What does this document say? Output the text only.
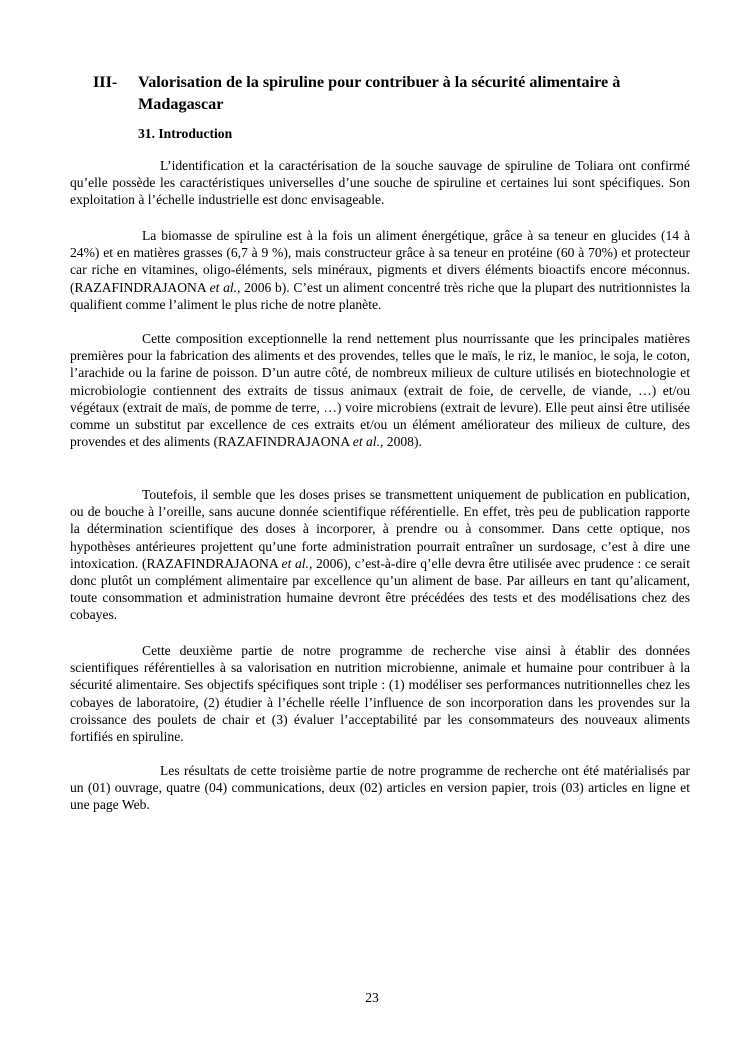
III- Valorisation de la spiruline pour contribuer à la sécurité alimentaire à Madagascar
31. Introduction

L’identification et la caractérisation de la souche sauvage de spiruline de Toliara ont confirmé qu’elle possède les caractéristiques universelles d’une souche de spiruline et certaines lui sont spécifiques. Son exploitation à l’échelle industrielle est donc envisageable.

La biomasse de spiruline est à la fois un aliment énergétique, grâce à sa teneur en glucides (14 à 24%) et en matières grasses (6,7 à 9 %), mais constructeur grâce à sa teneur en protéine (60 à 70%) et protecteur car riche en vitamines, oligo-éléments, sels minéraux, pigments et divers éléments bioactifs encore méconnus. (RAZAFINDRAJAONA et al., 2006 b). C’est un aliment concentré très riche que la plupart des nutritionnistes la qualifient comme l’aliment le plus riche de notre planète.

Cette composition exceptionnelle la rend nettement plus nourrissante que les principales matières premières pour la fabrication des aliments et des provendes, telles que le maïs, le riz, le manioc, le soja, le coton, l’arachide ou la farine de poisson. D’un autre côté, de nombreux milieux de culture utilisés en biotechnologie et microbiologie contiennent des extraits de tissus animaux (extrait de foie, de cervelle, de viande, …) et/ou végétaux (extrait de maïs, de pomme de terre, …) voire microbiens (extrait de levure). Elle peut ainsi être utilisée comme un substitut par excellence de ces extraits et/ou un élément améliorateur des milieux de culture, des provendes et des aliments (RAZAFINDRAJAONA et al., 2008).

Toutefois, il semble que les doses prises se transmettent uniquement de publication en publication, ou de bouche à l’oreille, sans aucune donnée scientifique référentielle. En effet, très peu de publication rapporte la détermination scientifique des doses à incorporer, à prendre ou à consommer. Dans cette optique, nos hypothèses antérieures projettent qu’une forte administration pourrait entraîner un surdosage, c’est à dire une intoxication. (RAZAFINDRAJAONA et al., 2006), c’est-à-dire q’elle devra être utilisée avec prudence : ce serait donc plutôt un complément alimentaire par excellence qu’un aliment de base. Par ailleurs en tant qu’alicament, toute consommation et administration humaine devront être précédées des tests et des modélisations chez des cobayes.

Cette deuxième partie de notre programme de recherche vise ainsi à établir des données scientifiques référentielles à sa valorisation en nutrition microbienne, animale et humaine pour contribuer à la sécurité alimentaire. Ses objectifs spécifiques sont triple : (1) modéliser ses performances nutritionnelles chez les cobayes de laboratoire, (2) étudier à l’échelle réelle l’influence de son incorporation dans les provendes sur la croissance des poulets de chair et (3) évaluer l’acceptabilité par les consommateurs des nouveaux aliments fortifiés en spiruline.

Les résultats de cette troisième partie de notre programme de recherche ont été matérialisés par un (01) ouvrage, quatre (04) communications, deux (02) articles en version papier, trois (03) articles en ligne et une page Web.

23
